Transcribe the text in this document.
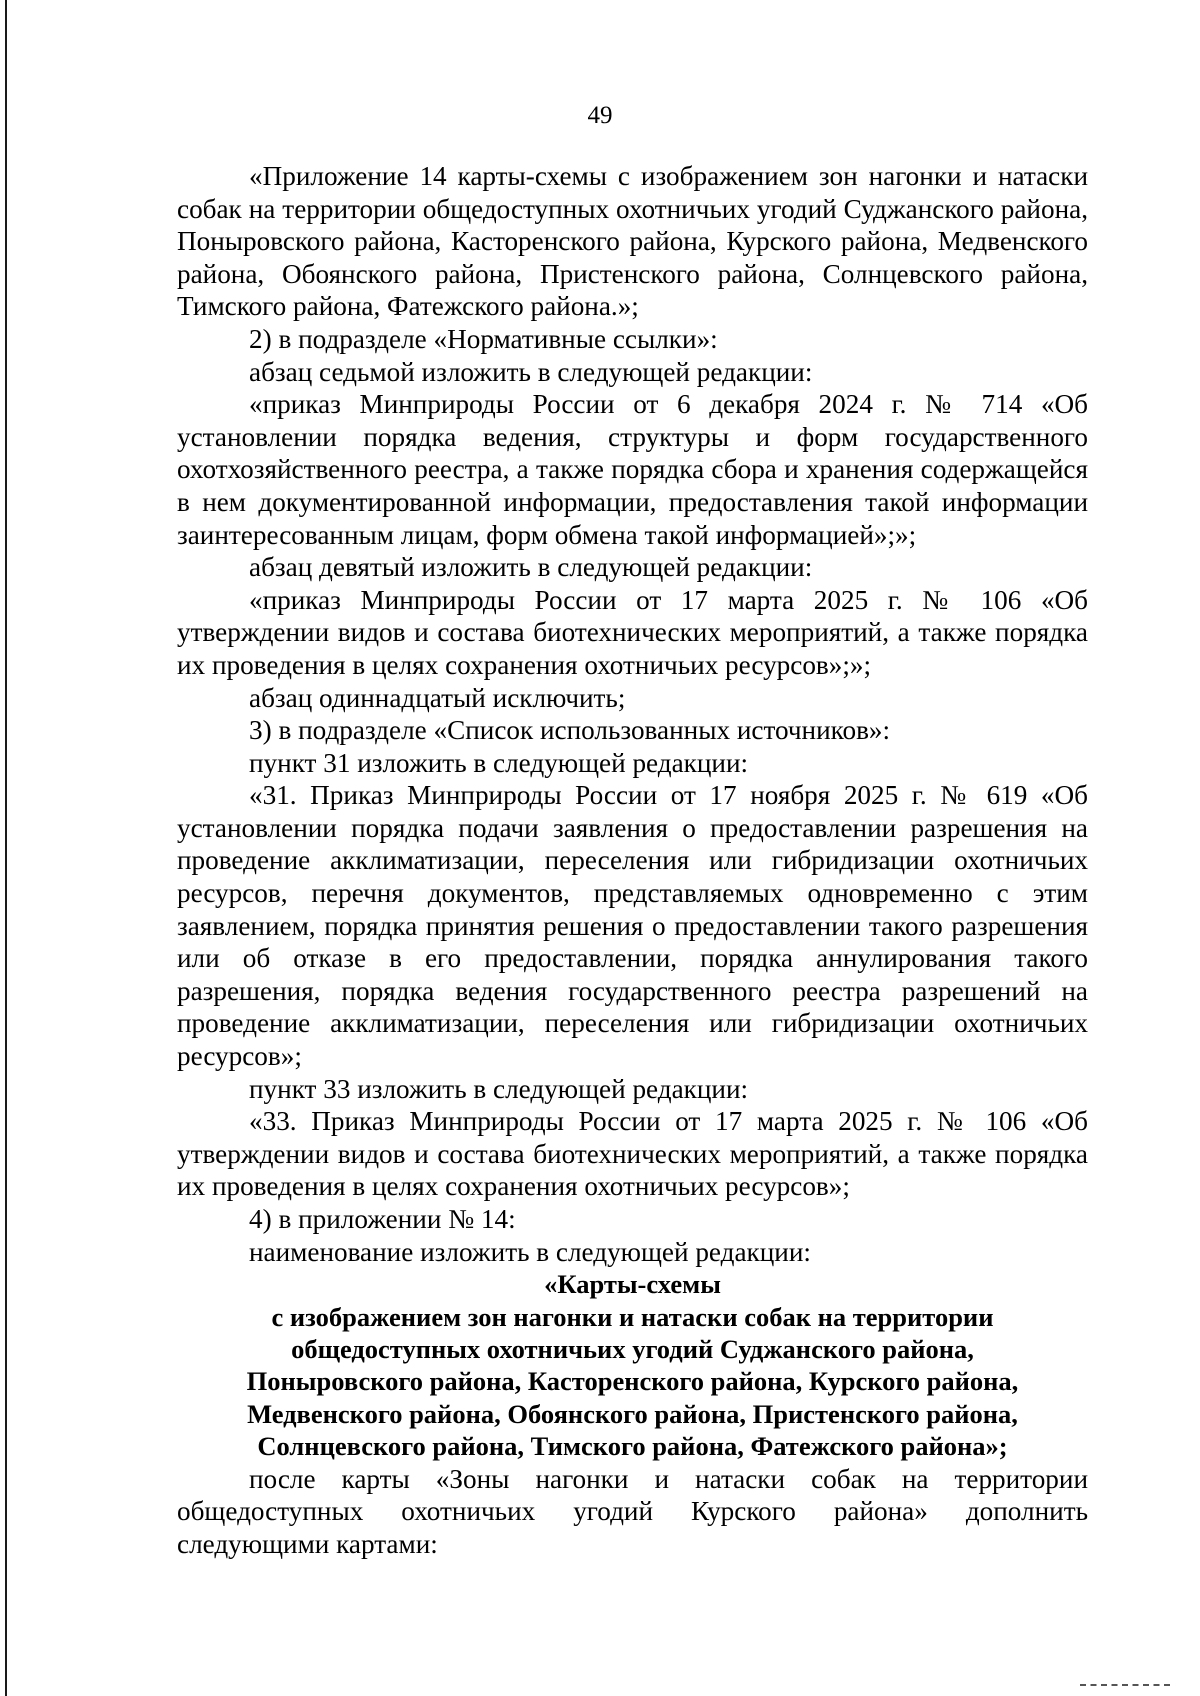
49

«Приложение 14 карты-схемы с изображением зон нагонки и натаски собак на территории общедоступных охотничьих угодий Суджанского района, Поныровского района, Касторенского района, Курского района, Медвенского района, Обоянского района, Пристенского района, Солнцевского района, Тимского района, Фатежского района.»;

2) в подразделе «Нормативные ссылки»:

абзац седьмой изложить в следующей редакции:

«приказ Минприроды России от 6 декабря 2024 г. № 714 «Об установлении порядка ведения, структуры и форм государственного охотхозяйственного реестра, а также порядка сбора и хранения содержащейся в нем документированной информации, предоставления такой информации заинтересованным лицам, форм обмена такой информацией»;»;

абзац девятый изложить в следующей редакции:

«приказ Минприроды России от 17 марта 2025 г. № 106 «Об утверждении видов и состава биотехнических мероприятий, а также порядка их проведения в целях сохранения охотничьих ресурсов»;»;

абзац одиннадцатый исключить;

3) в подразделе «Список использованных источников»:

пункт 31 изложить в следующей редакции:

«31. Приказ Минприроды России от 17 ноября 2025 г. № 619 «Об установлении порядка подачи заявления о предоставлении разрешения на проведение акклиматизации, переселения или гибридизации охотничьих ресурсов, перечня документов, представляемых одновременно с этим заявлением, порядка принятия решения о предоставлении такого разрешения или об отказе в его предоставлении, порядка аннулирования такого разрешения, порядка ведения государственного реестра разрешений на проведение акклиматизации, переселения или гибридизации охотничьих ресурсов»;

пункт 33 изложить в следующей редакции:

«33. Приказ Минприроды России от 17 марта 2025 г. № 106 «Об утверждении видов и состава биотехнических мероприятий, а также порядка их проведения в целях сохранения охотничьих ресурсов»;

4) в приложении № 14:

наименование изложить в следующей редакции:

«Карты-схемы

с изображением зон нагонки и натаски собак на территории

общедоступных охотничьих угодий Суджанского района,

Поныровского района, Касторенского района, Курского района,

Медвенского района, Обоянского района, Пристенского района,

Солнцевского района, Тимского района, Фатежского района»;

после карты «Зоны нагонки и натаски собак на территории общедоступных охотничьих угодий Курского района» дополнить следующими картами:
